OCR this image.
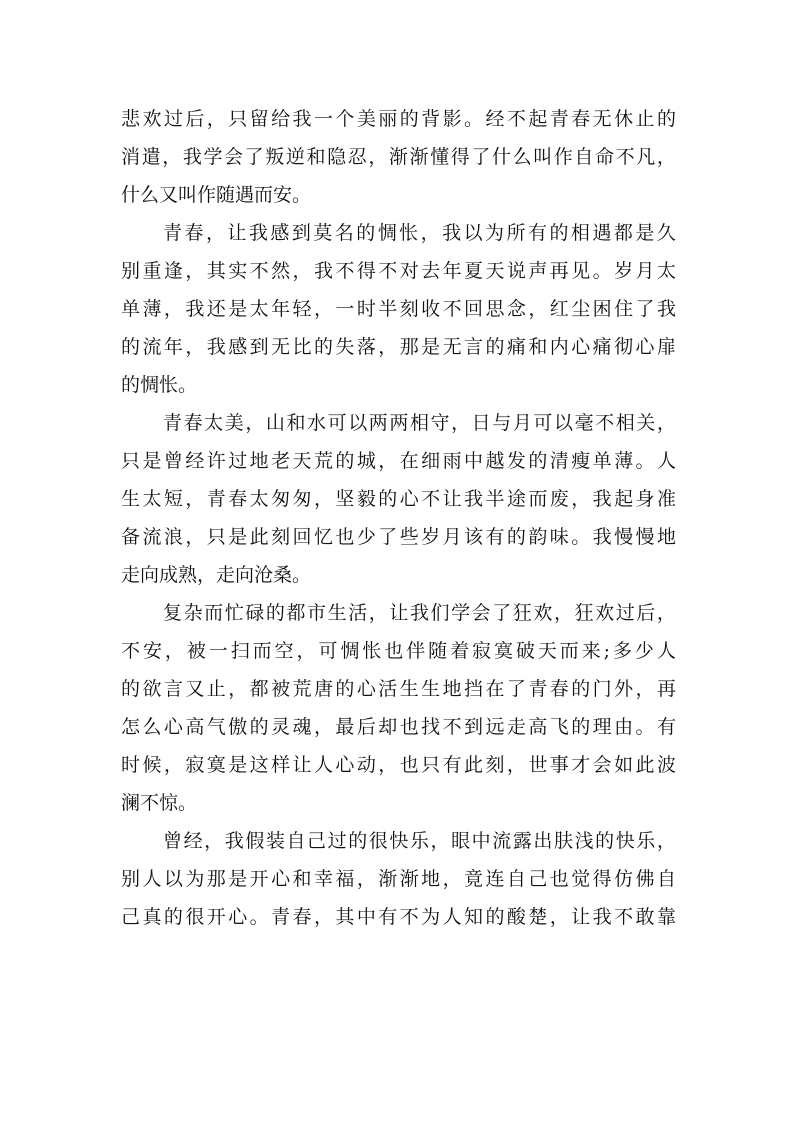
悲 欢 过 后 ， 只 留 给 我 一 个 美 丽 的 背 影 。 经 不 起 青 春 无 休 止 的
消 遣 ， 我 学 会 了 叛 逆 和 隐 忍 ， 渐 渐 懂 得 了 什 么 叫 作 自 命 不 凡 ，
什么又叫作随遇而安。
青 春 ， 让 我 感 到 莫 名 的 惆 怅 ， 我 以 为 所 有 的 相 遇 都 是 久
别 重 逢 ， 其 实 不 然 ， 我 不 得 不 对 去 年 夏 天 说 声 再 见 。 岁 月 太
单 薄 ， 我 还 是 太 年 轻 ， 一 时 半 刻 收 不 回 思 念 ， 红 尘 困 住 了 我
的 流 年 ， 我 感 到 无 比 的 失 落 ， 那 是 无 言 的 痛 和 内 心 痛 彻 心 扉
的惆怅。
青 春 太 美 ， 山 和 水 可 以 两 两 相 守 ， 日 与 月 可 以 毫 不 相 关 ，
只 是 曾 经 许 过 地 老 天 荒 的 城 ， 在 细 雨 中 越 发 的 清 瘦 单 薄 。 人
生 太 短 ， 青 春 太 匆 匆 ， 坚 毅 的 心 不 让 我 半 途 而 废 ， 我 起 身 准
备 流 浪 ， 只 是 此 刻 回 忆 也 少 了 些 岁 月 该 有 的 韵 味 。 我 慢 慢 地
走向成熟，走向沧桑。
复 杂 而 忙 碌 的 都 市 生 活 ， 让 我 们 学 会 了 狂 欢 ， 狂 欢 过 后 ，
不 安 ， 被 一 扫 而 空 ， 可 惆 怅 也 伴 随 着 寂 寞 破 天 而 来 ; 多 少 人
的 欲 言 又 止 ， 都 被 荒 唐 的 心 活 生 生 地 挡 在 了 青 春 的 门 外 ， 再
怎 么 心 高 气 傲 的 灵 魂 ， 最 后 却 也 找 不 到 远 走 高 飞 的 理 由 。 有
时 候 ， 寂 寞 是 这 样 让 人 心 动 ， 也 只 有 此 刻 ， 世 事 才 会 如 此 波
澜不惊。
曾 经 ， 我 假 装 自 己 过 的 很 快 乐 ， 眼 中 流 露 出 肤 浅 的 快 乐 ，
别 人 以 为 那 是 开 心 和 幸 福 ， 渐 渐 地 ， 竟 连 自 己 也 觉 得 仿 佛 自
己 真 的 很 开 心 。 青 春 ， 其 中 有 不 为 人 知 的 酸 楚 ， 让 我 不 敢 靠
